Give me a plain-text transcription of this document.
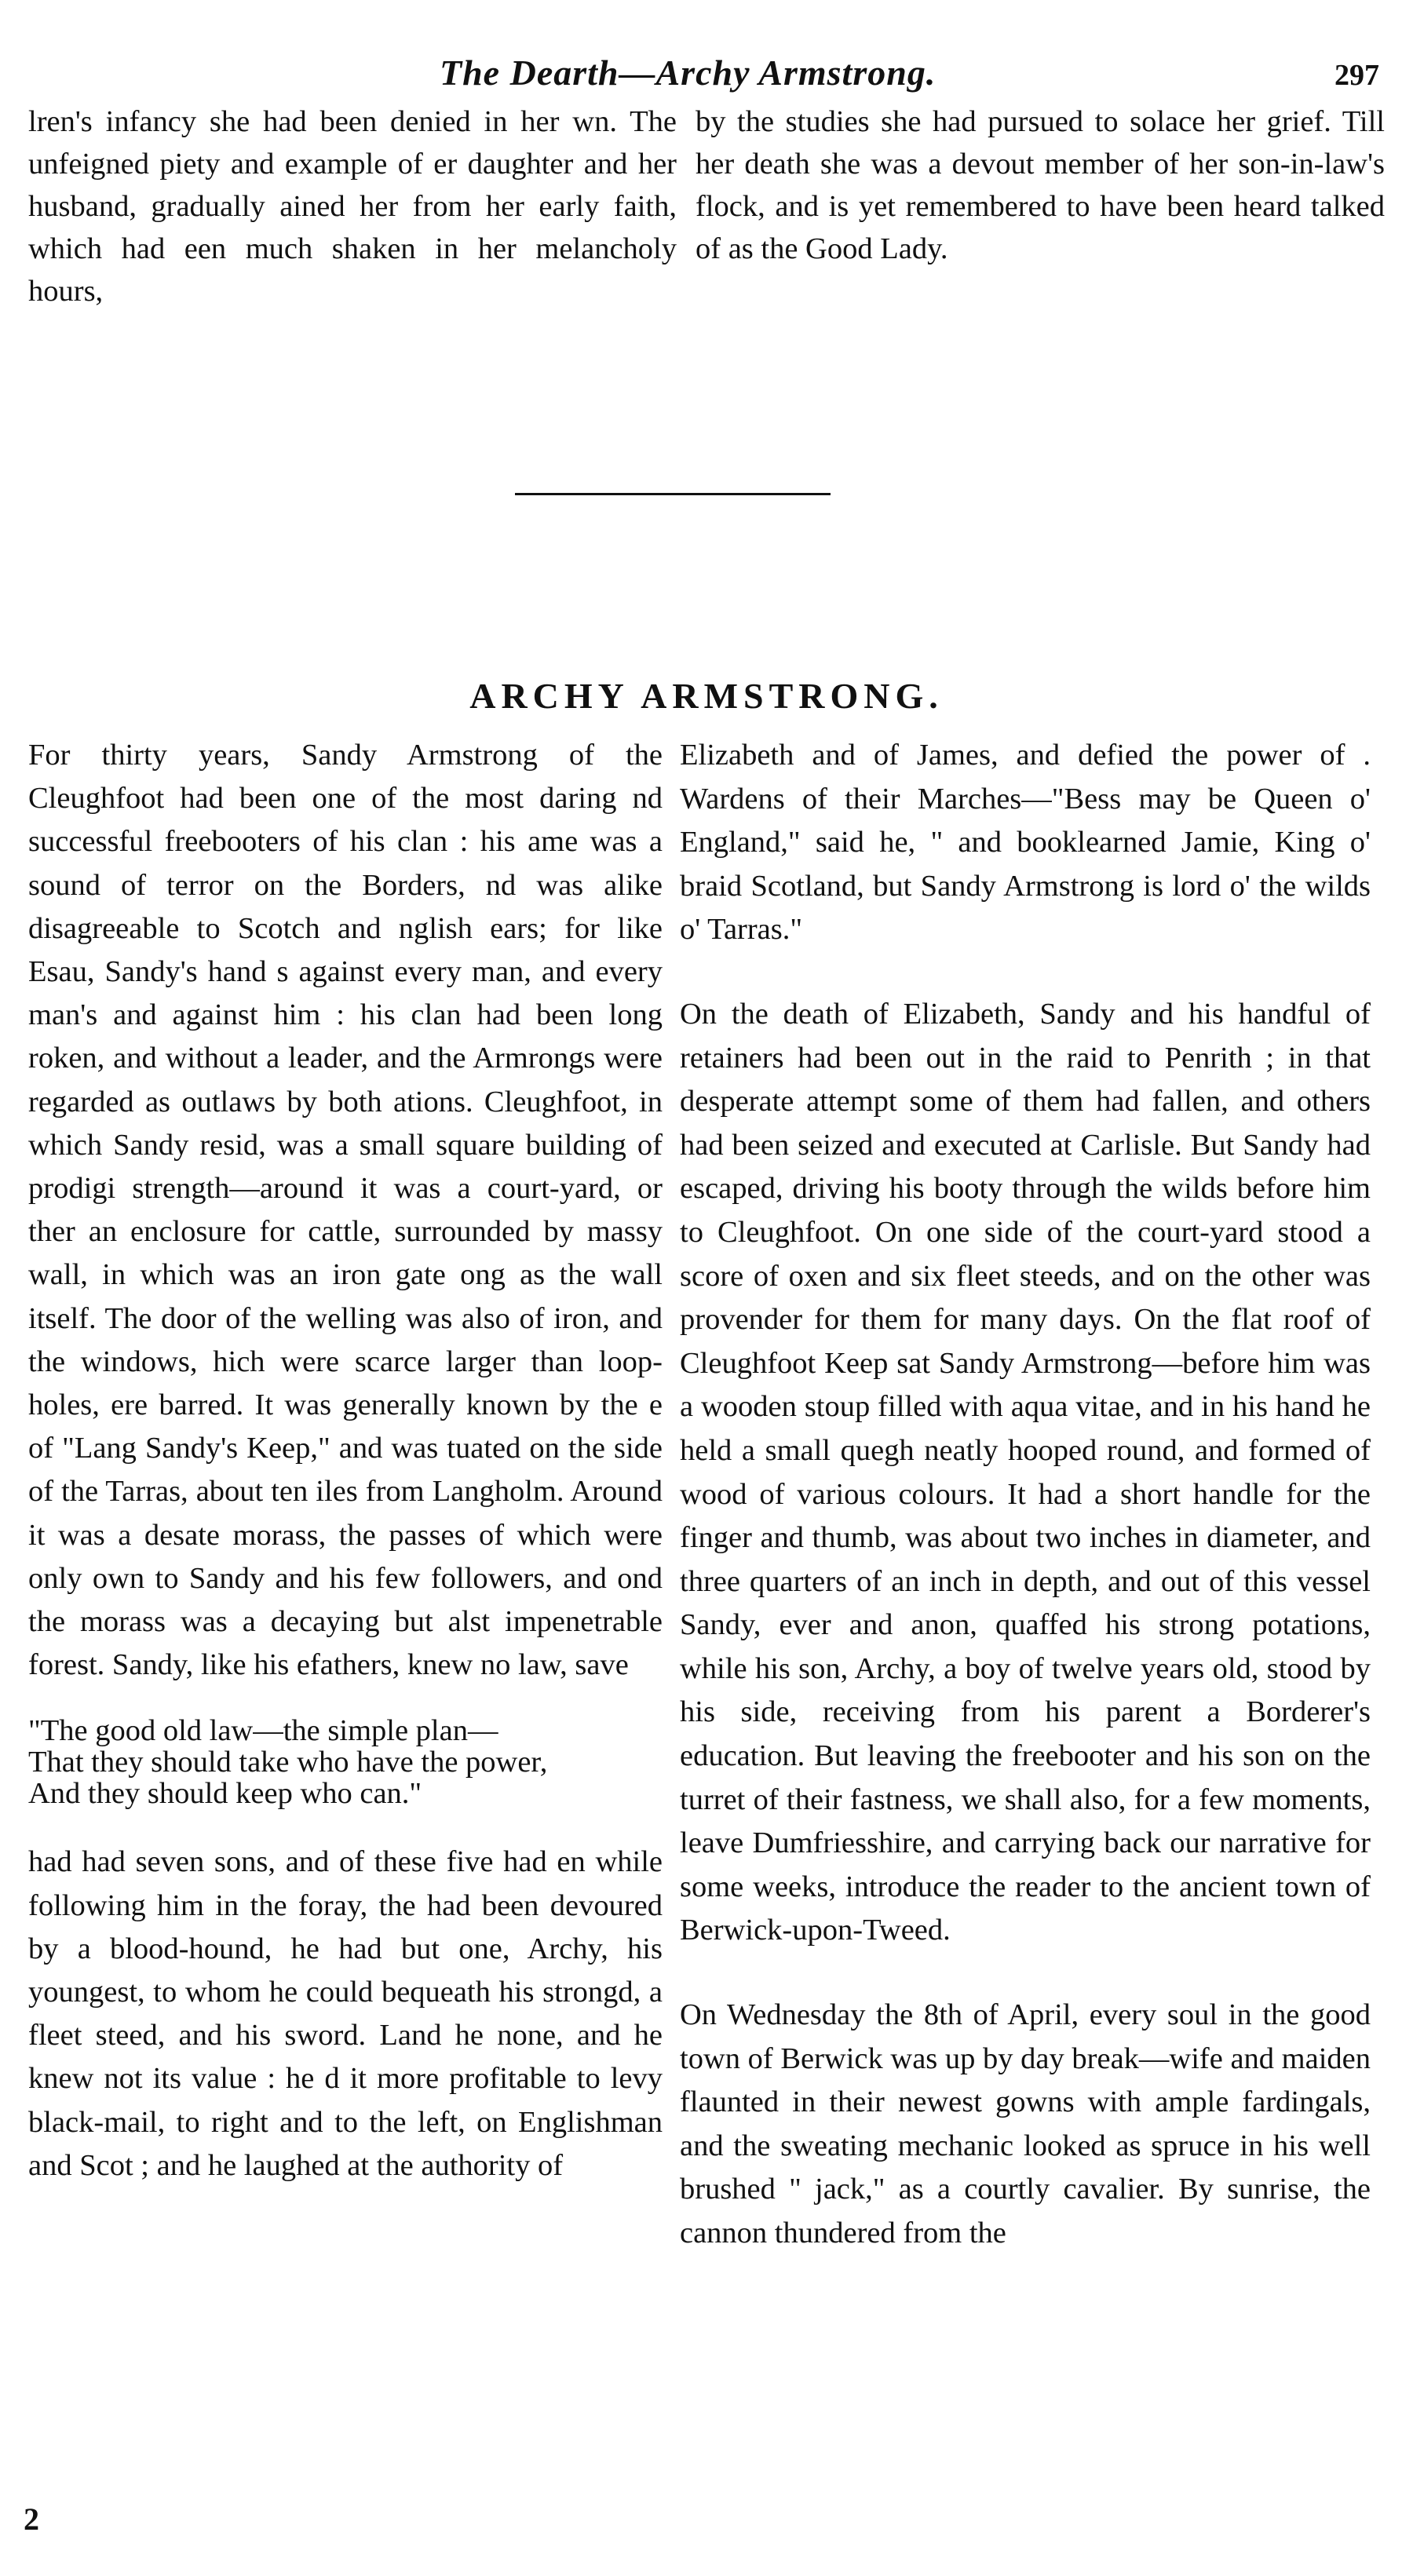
The Dearth—Archy Armstrong.	297

lren's infancy she had been denied in her wn. The unfeigned piety and example of er daughter and her husband, gradually ained her from her early faith, which had een much shaken in her melancholy hours,

by the studies she had pursued to solace her grief. Till her death she was a devout member of her son-in-law's flock, and is yet remembered to have been heard talked of as the Good Lady.

ARCHY ARMSTRONG.

For thirty years, Sandy Armstrong of the Cleughfoot had been one of the most daring nd successful freebooters of his clan : his ame was a sound of terror on the Borders, nd was alike disagreeable to Scotch and nglish ears; for like Esau, Sandy's hand s against every man, and every man's and against him : his clan had been long roken, and without a leader, and the Armrongs were regarded as outlaws by both ations. Cleughfoot, in which Sandy resid, was a small square building of prodigi strength—around it was a court-yard, or ther an enclosure for cattle, surrounded by massy wall, in which was an iron gate ong as the wall itself. The door of the welling was also of iron, and the windows, hich were scarce larger than loop-holes, ere barred. It was generally known by the e of "Lang Sandy's Keep," and was tuated on the side of the Tarras, about ten iles from Langholm. Around it was a desate morass, the passes of which were only own to Sandy and his few followers, and ond the morass was a decaying but alst impenetrable forest. Sandy, like his efathers, knew no law, save

"The good old law—the simple plan—

That they should take who have the power,

And they should keep who can."

had had seven sons, and of these five had en while following him in the foray, the had been devoured by a blood-hound, he had but one, Archy, his youngest, to whom he could bequeath his strongd, a fleet steed, and his sword. Land he none, and he knew not its value : he d it more profitable to levy black-mail, to right and to the left, on Englishman and Scot ; and he laughed at the authority of

Elizabeth and of James, and defied the power of . Wardens of their Marches—"Bess may be Queen o' England," said he, " and booklearned Jamie, King o' braid Scotland, but Sandy Armstrong is lord o' the wilds o' Tarras."

On the death of Elizabeth, Sandy and his handful of retainers had been out in the raid to Penrith ; in that desperate attempt some of them had fallen, and others had been seized and executed at Carlisle. But Sandy had escaped, driving his booty through the wilds before him to Cleughfoot. On one side of the court-yard stood a score of oxen and six fleet steeds, and on the other was provender for them for many days. On the flat roof of Cleughfoot Keep sat Sandy Armstrong—before him was a wooden stoup filled with aqua vitae, and in his hand he held a small quegh neatly hooped round, and formed of wood of various colours. It had a short handle for the finger and thumb, was about two inches in diameter, and three quarters of an inch in depth, and out of this vessel Sandy, ever and anon, quaffed his strong potations, while his son, Archy, a boy of twelve years old, stood by his side, receiving from his parent a Borderer's education. But leaving the freebooter and his son on the turret of their fastness, we shall also, for a few moments, leave Dumfriesshire, and carrying back our narrative for some weeks, introduce the reader to the ancient town of Berwick-upon-Tweed.

On Wednesday the 8th of April, every soul in the good town of Berwick was up by day break—wife and maiden flaunted in their newest gowns with ample fardingals, and the sweating mechanic looked as spruce in his well brushed " jack," as a courtly cavalier. By sunrise, the cannon thundered from the

2
